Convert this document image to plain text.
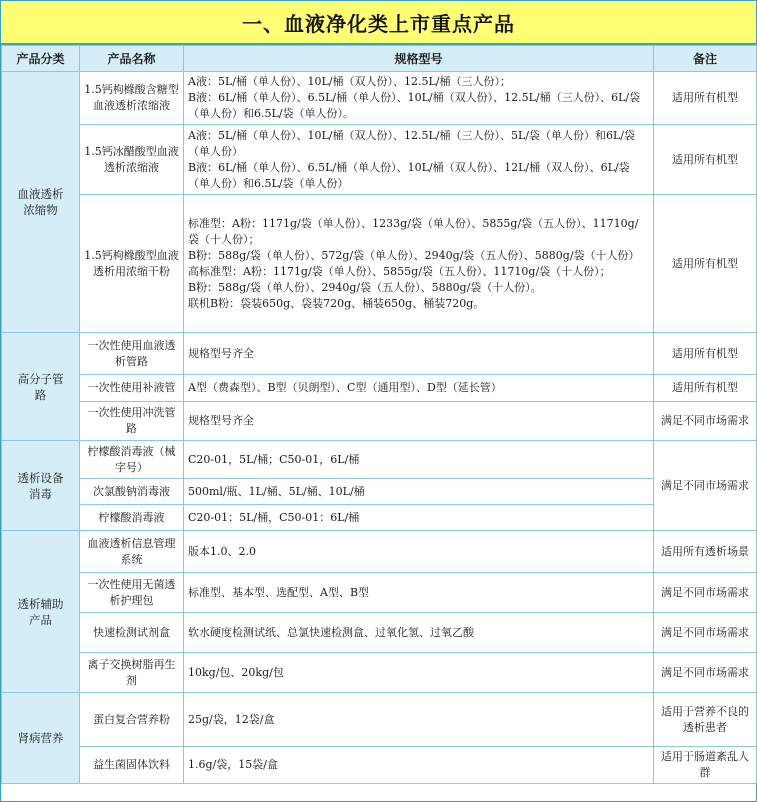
一、血液净化类上市重点产品
产品分类	产品名称	规格型号	备注
血液透析浓缩物	1.5钙枸橼酸含糖型血液透析浓缩液	A液：5L/桶（单人份）、10L/桶（双人份）、12.5L/桶（三人份）；
B液：6L/桶（单人份）、6.5L/桶（单人份）、10L/桶（双人份）、12.5L/桶（三人份）、6L/袋（单人份）和6.5L/袋（单人份）。	适用所有机型
	1.5钙冰醋酸型血液透析浓缩液	A液：5L/桶（单人份）、10L/桶（双人份）、12.5L/桶（三人份）、5L/袋（单人份）和6L/袋（单人份）
B液：6L/桶（单人份）、6.5L/桶（单人份）、10L/桶（双人份）、12L/桶（双人份）、6L/袋（单人份）和6.5L/袋（单人份）	适用所有机型
	1.5钙枸橼酸型血液透析用浓缩干粉	标准型：A粉：1171g/袋（单人份）、1233g/袋（单人份）、5855g/袋（五人份）、11710g/袋（十人份）；
B粉：588g/袋（单人份）、572g/袋（单人份）、2940g/袋（五人份）、5880g/袋（十人份）
高标准型：A粉：1171g/袋（单人份）、5855g/袋（五人份）、11710g/袋（十人份）；
B粉：588g/袋（单人份）、2940g/袋（五人份）、5880g/袋（十人份）。
联机B粉：袋装650g、袋装720g、桶装650g、桶装720g。	适用所有机型
高分子管路	一次性使用血液透析管路	规格型号齐全	适用所有机型
	一次性使用补液管	A型（费森型）、B型（贝朗型）、C型（通用型）、D型（延长管）	适用所有机型
	一次性使用冲洗管路	规格型号齐全	满足不同市场需求
透析设备消毒	柠檬酸消毒液（械字号）	C20-01，5L/桶；C50-01，6L/桶	满足不同市场需求
	次氯酸钠消毒液	500ml/瓶、1L/桶、5L/桶、10L/桶	

	柠檬酸消毒液	C20-01：5L/桶，C50-01：6L/桶	

透析辅助产品	血液透析信息管理系统	版本1.0、2.0	适用所有透析场景
	一次性使用无菌透析护理包	标准型、基本型、选配型、A型、B型	满足不同市场需求
	快速检测试剂盒	软水硬度检测试纸、总氯快速检测盒、过氧化氢、过氧乙酸	满足不同市场需求
	离子交换树脂再生剂	10kg/包、20kg/包	满足不同市场需求
肾病营养	蛋白复合营养粉	25g/袋，12袋/盒	适用于营养不良的透析患者
	益生菌固体饮料	1.6g/袋，15袋/盒	适用于肠道紊乱人群
